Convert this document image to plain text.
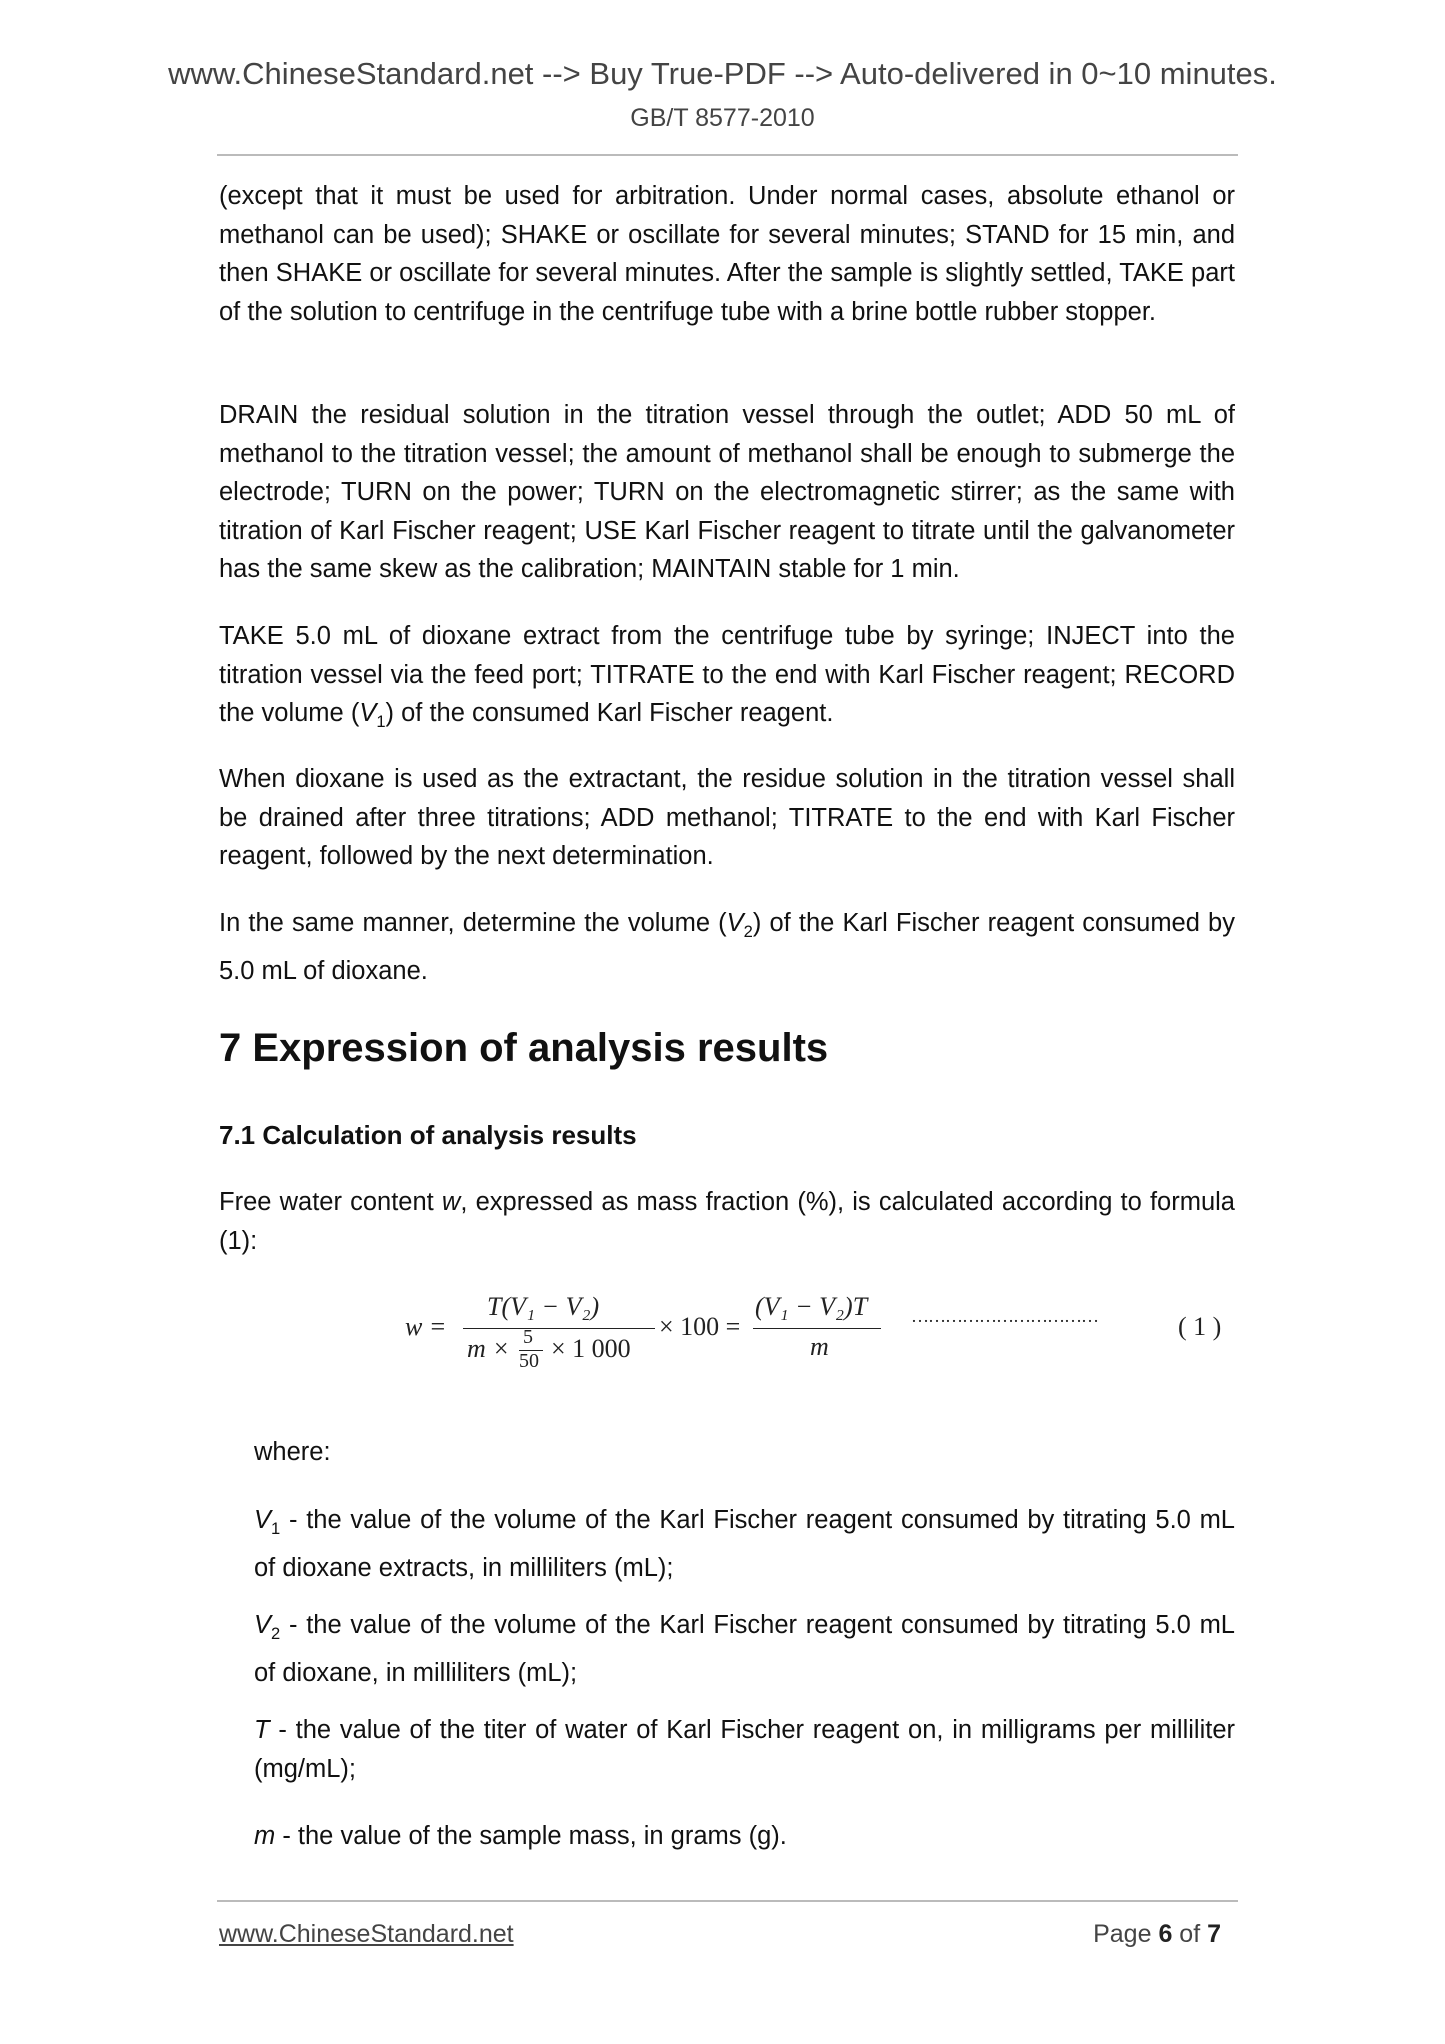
www.ChineseStandard.net --> Buy True-PDF --> Auto-delivered in 0~10 minutes.
GB/T 8577-2010
(except that it must be used for arbitration. Under normal cases, absolute ethanol or methanol can be used); SHAKE or oscillate for several minutes; STAND for 15 min, and then SHAKE or oscillate for several minutes. After the sample is slightly settled, TAKE part of the solution to centrifuge in the centrifuge tube with a brine bottle rubber stopper.
DRAIN the residual solution in the titration vessel through the outlet; ADD 50 mL of methanol to the titration vessel; the amount of methanol shall be enough to submerge the electrode; TURN on the power; TURN on the electromagnetic stirrer; as the same with titration of Karl Fischer reagent; USE Karl Fischer reagent to titrate until the galvanometer has the same skew as the calibration; MAINTAIN stable for 1 min.
TAKE 5.0 mL of dioxane extract from the centrifuge tube by syringe; INJECT into the titration vessel via the feed port; TITRATE to the end with Karl Fischer reagent; RECORD the volume $(V_1)$ of the consumed Karl Fischer reagent.
When dioxane is used as the extractant, the residue solution in the titration vessel shall be drained after three titrations; ADD methanol; TITRATE to the end with Karl Fischer reagent, followed by the next determination.
In the same manner, determine the volume $(V_2)$ of the Karl Fischer reagent consumed by 5.0 mL of dioxane.
7 Expression of analysis results
7.1 Calculation of analysis results
Free water content w, expressed as mass fraction (%), is calculated according to formula (1):
w =
T(V₁ − V₂)
m × 5
50 × 1 000
× 100 =
(V₁ − V₂)T
m
……………………………	( 1 )
where:
$V_1$ - the value of the volume of the Karl Fischer reagent consumed by titrating 5.0 mL of dioxane extracts, in milliliters (mL);
$V_2$ - the value of the volume of the Karl Fischer reagent consumed by titrating 5.0 mL of dioxane, in milliliters (mL);
T - the value of the titer of water of Karl Fischer reagent on, in milligrams per milliliter (mg/mL);
m - the value of the sample mass, in grams (g).
www.ChineseStandard.net	Page 6 of 7
